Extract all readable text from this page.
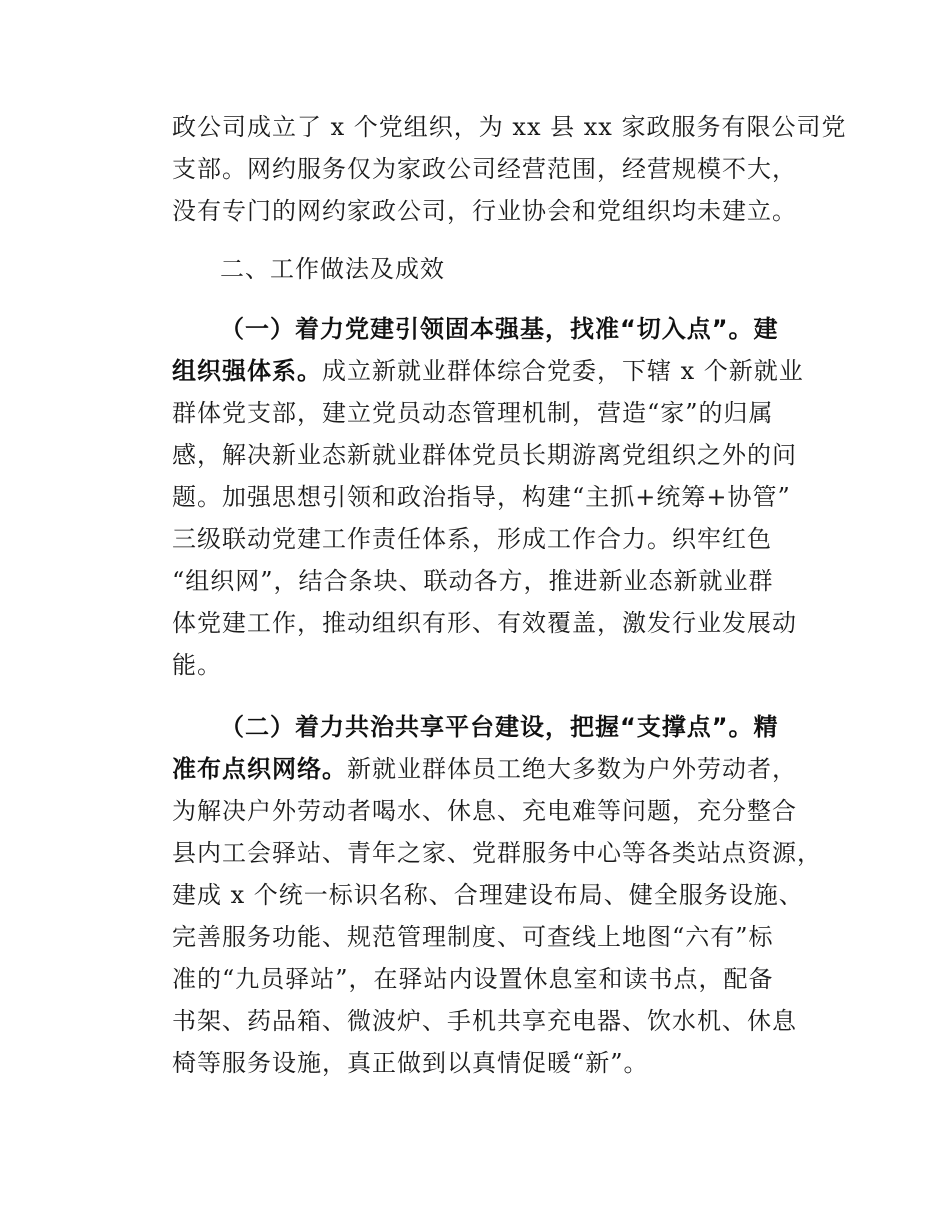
政公司成立了 x 个党组织，为 xx 县 xx 家政服务有限公司党
支部。网约服务仅为家政公司经营范围，经营规模不大，
没有专门的网约家政公司，行业协会和党组织均未建立。
二、工作做法及成效
（一）着力党建引领固本强基，找准“切入点”。建
组织强体系。成立新就业群体综合党委，下辖 x 个新就业
群体党支部，建立党员动态管理机制，营造“家”的归属
感，解决新业态新就业群体党员长期游离党组织之外的问
题。加强思想引领和政治指导，构建“主抓+统筹+协管”
三级联动党建工作责任体系，形成工作合力。织牢红色
“组织网”，结合条块、联动各方，推进新业态新就业群
体党建工作，推动组织有形、有效覆盖，激发行业发展动
能。
（二）着力共治共享平台建设，把握“支撑点”。精
准布点织网络。新就业群体员工绝大多数为户外劳动者，
为解决户外劳动者喝水、休息、充电难等问题，充分整合
县内工会驿站、青年之家、党群服务中心等各类站点资源，
建成 x 个统一标识名称、合理建设布局、健全服务设施、
完善服务功能、规范管理制度、可查线上地图“六有”标
准的“九员驿站”，在驿站内设置休息室和读书点，配备
书架、药品箱、微波炉、手机共享充电器、饮水机、休息
椅等服务设施，真正做到以真情促暖“新”。
